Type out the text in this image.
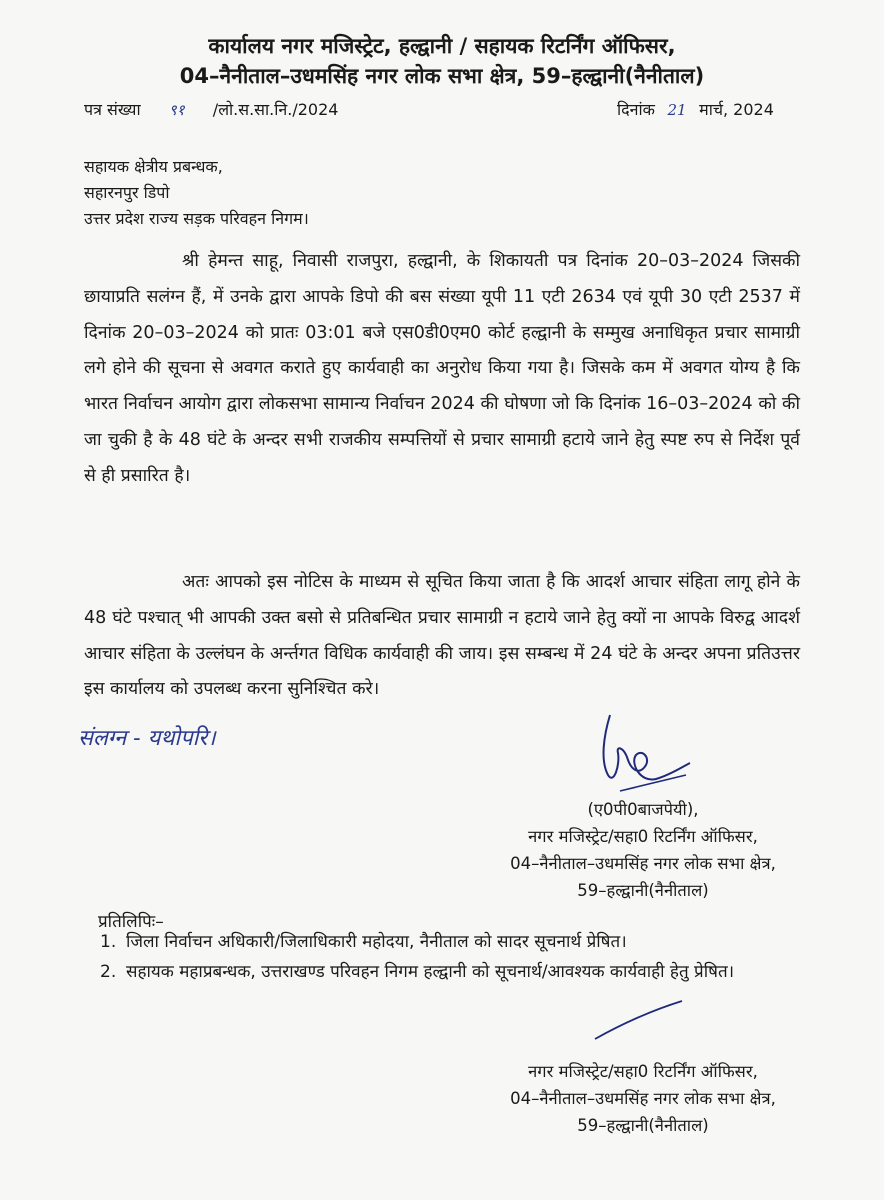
कार्यालय नगर मजिस्ट्रेट, हल्द्वानी / सहायक रिटर्निंग ऑफिसर,
04–नैनीताल–उधमसिंह नगर लोक सभा क्षेत्र, 59–हल्द्वानी(नैनीताल)
पत्र संख्या ९१ /लो.स.सा.नि./2024	दिनांक 21 मार्च, 2024
सहायक क्षेत्रीय प्रबन्धक,
सहारनपुर डिपो
उत्तर प्रदेश राज्य सड़क परिवहन निगम।

श्री हेमन्त साहू, निवासी राजपुरा, हल्द्वानी, के शिकायती पत्र दिनांक 20–03–2024 जिसकी छायाप्रति सलंग्न हैं, में उनके द्वारा आपके डिपो की बस संख्या यूपी 11 एटी 2634 एवं यूपी 30 एटी 2537 में दिनांक 20–03–2024 को प्रातः 03:01 बजे एस0डी0एम0 कोर्ट हल्द्वानी के सम्मुख अनाधिकृत प्रचार सामाग्री लगे होने की सूचना से अवगत कराते हुए कार्यवाही का अनुरोध किया गया है। जिसके कम में अवगत योग्य है कि भारत निर्वाचन आयोग द्वारा लोकसभा सामान्य निर्वाचन 2024 की घोषणा जो कि दिनांक 16–03–2024 को की जा चुकी है के 48 घंटे के अन्दर सभी राजकीय सम्पत्तियों से प्रचार सामाग्री हटाये जाने हेतु स्पष्ट रुप से निर्देश पूर्व से ही प्रसारित है।

अतः आपको इस नोटिस के माध्यम से सूचित किया जाता है कि आदर्श आचार संहिता लागू होने के 48 घंटे पश्चात् भी आपकी उक्त बसो से प्रतिबन्धित प्रचार सामाग्री न हटाये जाने हेतु क्यों ना आपके विरुद्व आदर्श आचार संहिता के उल्लंघन के अर्न्तगत विधिक कार्यवाही की जाय। इस सम्बन्ध में 24 घंटे के अन्दर अपना प्रतिउत्तर इस कार्यालय को उपलब्ध करना सुनिश्चित करे।

संलग्न - यथोपरि।
(ए0पी0बाजपेयी),
नगर मजिस्ट्रेट/सहा0 रिटर्निंग ऑफिसर,
04–नैनीताल–उधमसिंह नगर लोक सभा क्षेत्र,
59–हल्द्वानी(नैनीताल)
प्रतिलिपिः–
1. जिला निर्वाचन अधिकारी/जिलाधिकारी महोदया, नैनीताल को सादर सूचनार्थ प्रेषित।
2. सहायक महाप्रबन्धक, उत्तराखण्ड परिवहन निगम हल्द्वानी को सूचनार्थ/आवश्यक कार्यवाही हेतु प्रेषित।
नगर मजिस्ट्रेट/सहा0 रिटर्निंग ऑफिसर,
04–नैनीताल–उधमसिंह नगर लोक सभा क्षेत्र,
59–हल्द्वानी(नैनीताल)
